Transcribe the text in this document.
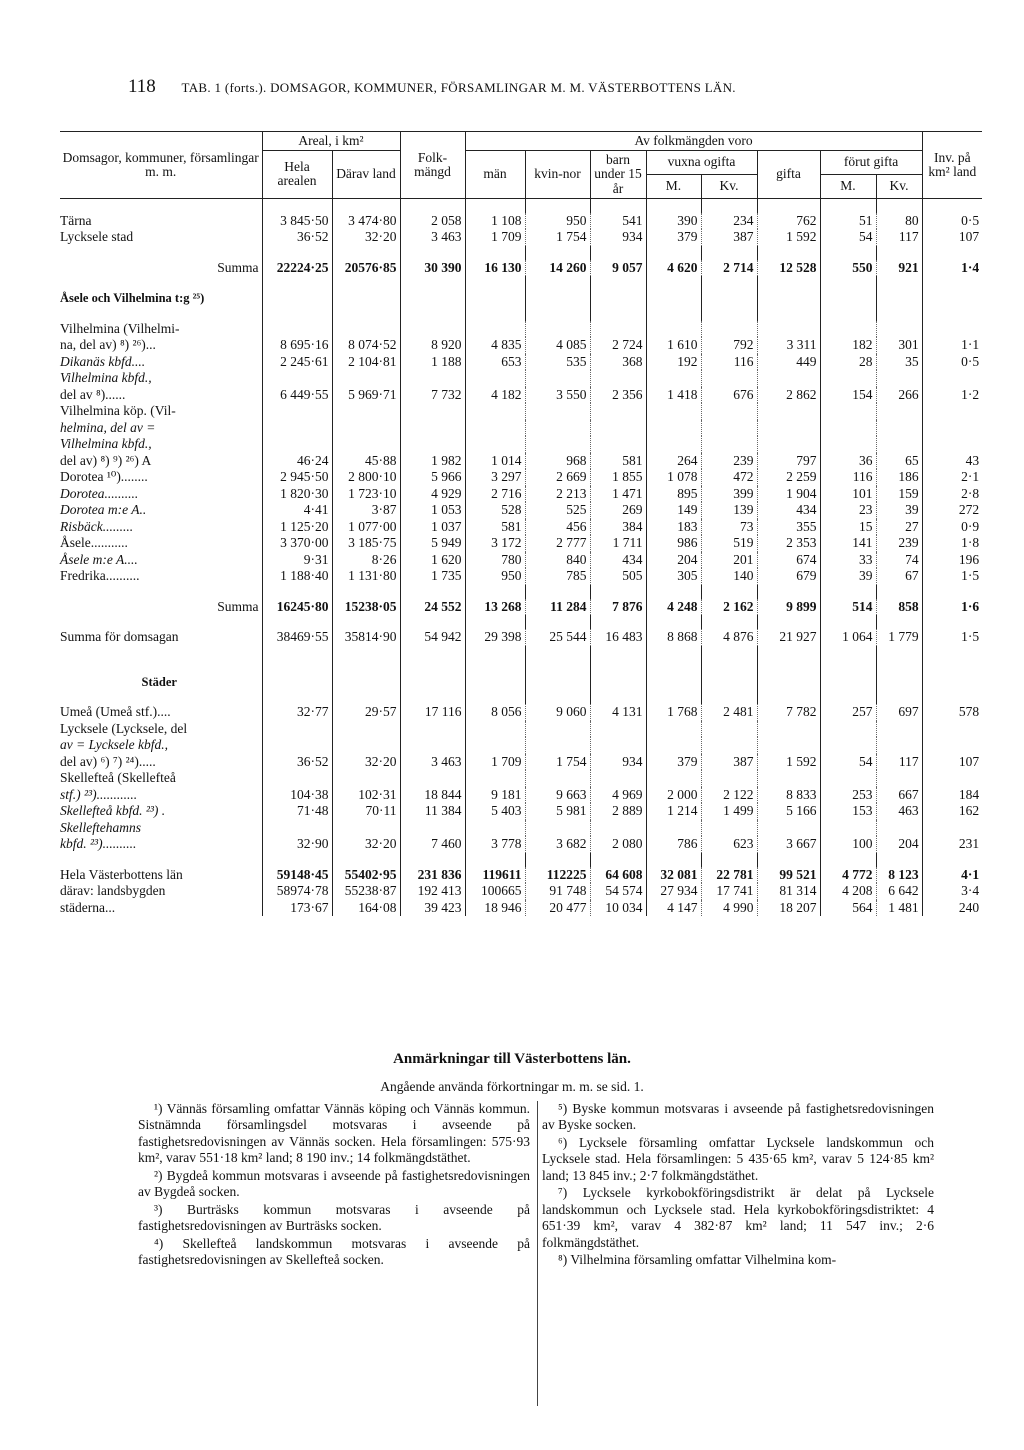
118 TAB. 1 (forts.). DOMSAGOR, KOMMUNER, FÖRSAMLINGAR M. M. VÄSTERBOTTENS LÄN.
Domsagor, kommuner, församlingar m. m.	Areal, i km²		Folk-mängd	Av folkmängden voro								Inv. på km² land
	Hela arealen	Därav land		män	kvin-nor	barn under 15 år	vuxna ogifta		gifta	förut gifta		
							M.	Kv.		M.	Kv.	

Tärna	3 845·50	3 474·80	2 058	1 108	950	541	390	234	762	51	80	0·5
Lycksele stad	36·52	32·20	3 463	1 709	1 754	934	379	387	1 592	54	117	107

Summa	22224·25	20576·85	30 390	16 130	14 260	9 057	4 620	2 714	12 528	550	921	1·4

Åsele och Vilhelmina t:g ²⁵)												

Vilhelmina (Vilhelmi-												
na, del av) ⁸) ²⁶)...	8 695·16	8 074·52	8 920	4 835	4 085	2 724	1 610	792	3 311	182	301	1·1
Dikanäs kbfd....	2 245·61	2 104·81	1 188	653	535	368	192	116	449	28	35	0·5
Vilhelmina kbfd.,												
del av ⁸)......	6 449·55	5 969·71	7 732	4 182	3 550	2 356	1 418	676	2 862	154	266	1·2
Vilhelmina köp. (Vil-												
helmina, del av =												
Vilhelmina kbfd.,												
del av) ⁸) ⁹) ²⁶) A	46·24	45·88	1 982	1 014	968	581	264	239	797	36	65	43
Dorotea ¹⁰)........	2 945·50	2 800·10	5 966	3 297	2 669	1 855	1 078	472	2 259	116	186	2·1
Dorotea..........	1 820·30	1 723·10	4 929	2 716	2 213	1 471	895	399	1 904	101	159	2·8
Dorotea m:e A..	4·41	3·87	1 053	528	525	269	149	139	434	23	39	272
Risbäck.........	1 125·20	1 077·00	1 037	581	456	384	183	73	355	15	27	0·9
Åsele...........	3 370·00	3 185·75	5 949	3 172	2 777	1 711	986	519	2 353	141	239	1·8
Åsele m:e A....	9·31	8·26	1 620	780	840	434	204	201	674	33	74	196
Fredrika..........	1 188·40	1 131·80	1 735	950	785	505	305	140	679	39	67	1·5

Summa	16245·80	15238·05	24 552	13 268	11 284	7 876	4 248	2 162	9 899	514	858	1·6

Summa för domsagan	38469·55	35814·90	54 942	29 398	25 544	16 483	8 868	4 876	21 927	1 064	1 779	1·5

Städer												

Umeå (Umeå stf.)....	32·77	29·57	17 116	8 056	9 060	4 131	1 768	2 481	7 782	257	697	578
Lycksele (Lycksele, del												
av = Lycksele kbfd.,												
del av) ⁶) ⁷) ²⁴).....	36·52	32·20	3 463	1 709	1 754	934	379	387	1 592	54	117	107
Skellefteå (Skellefteå												
stf.) ²³)............	104·38	102·31	18 844	9 181	9 663	4 969	2 000	2 122	8 833	253	667	184
Skellefteå kbfd. ²³) .	71·48	70·11	11 384	5 403	5 981	2 889	1 214	1 499	5 166	153	463	162
Skelleftehamns												
kbfd. ²³)..........	32·90	32·20	7 460	3 778	3 682	2 080	786	623	3 667	100	204	231

Hela Västerbottens län	59148·45	55402·95	231 836	119611	112225	64 608	32 081	22 781	99 521	4 772	8 123	4·1
därav: landsbygden	58974·78	55238·87	192 413	100665	91 748	54 574	27 934	17 741	81 314	4 208	6 642	3·4
städerna...	173·67	164·08	39 423	18 946	20 477	10 034	4 147	4 990	18 207	564	1 481	240
Anmärkningar till Västerbottens län.
Angående använda förkortningar m. m. se sid. 1.

¹) Vännäs församling omfattar Vännäs köping och Vännäs kommun. Sistnämnda församlingsdel motsvaras i avseende på fastighetsredovisningen av Vännäs socken. Hela församlingen: 575·93 km², varav 551·18 km² land; 8 190 inv.; 14 folkmängdstäthet.

²) Bygdeå kommun motsvaras i avseende på fastighetsredovisningen av Bygdeå socken.

³) Burträsks kommun motsvaras i avseende på fastighetsredovisningen av Burträsks socken.

⁴) Skellefteå landskommun motsvaras i avseende på fastighetsredovisningen av Skellefteå socken.

⁵) Byske kommun motsvaras i avseende på fastighetsredovisningen av Byske socken.

⁶) Lycksele församling omfattar Lycksele landskommun och Lycksele stad. Hela församlingen: 5 435·65 km², varav 5 124·85 km² land; 13 845 inv.; 2·7 folkmängdstäthet.

⁷) Lycksele kyrkobokföringsdistrikt är delat på Lycksele landskommun och Lycksele stad. Hela kyrkobokföringsdistriktet: 4 651·39 km², varav 4 382·87 km² land; 11 547 inv.; 2·6 folkmängdstäthet.

⁸) Vilhelmina församling omfattar Vilhelmina kom-
